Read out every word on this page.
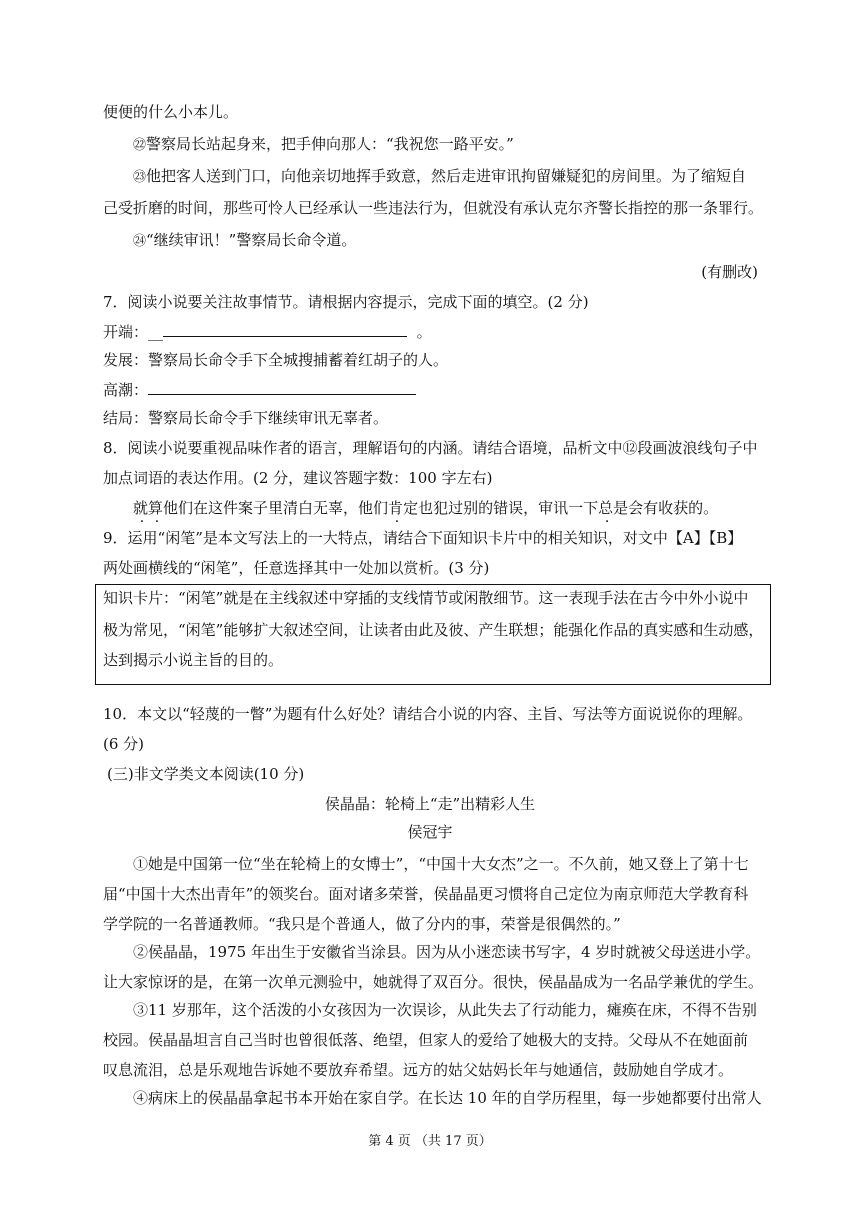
便便的什么小本儿。
㉒警察局长站起身来，把手伸向那人：“我祝您一路平安。”
㉓他把客人送到门口，向他亲切地挥手致意，然后走进审讯拘留嫌疑犯的房间里。为了缩短自
己受折磨的时间，那些可怜人已经承认一些违法行为，但就没有承认克尔齐警长指控的那一条罪行。
㉔“继续审讯！”警察局长命令道。
(有删改)
7．阅读小说要关注故事情节。请根据内容提示，完成下面的填空。(2 分)
开端：__	。
发展：警察局长命令手下全城搜捕蓄着红胡子的人。
高潮：
结局：警察局长命令手下继续审讯无辜者。
8．阅读小说要重视品味作者的语言，理解语句的内涵。请结合语境，品析文中⑫段画波浪线句子中
加点词语的表达作用。(2 分，建议答题字数：100 字左右)
就算他们在这件案子里清白无辜，他们肯定也犯过别的错误，审讯一下总是会有收获的。
9．运用“闲笔”是本文写法上的一大特点，请结合下面知识卡片中的相关知识，对文中【A】【B】
两处画横线的“闲笔”，任意选择其中一处加以赏析。(3 分)
知识卡片：“闲笔”就是在主线叙述中穿插的支线情节或闲散细节。这一表现手法在古今中外小说中
极为常见，“闲笔”能够扩大叙述空间，让读者由此及彼、产生联想；能强化作品的真实感和生动感，
达到揭示小说主旨的目的。
10．本文以“轻蔑的一瞥”为题有什么好处？请结合小说的内容、主旨、写法等方面说说你的理解。
(6 分)
(三)非文学类文本阅读(10 分)
侯晶晶：轮椅上“走”出精彩人生
侯冠宇
①她是中国第一位“坐在轮椅上的女博士”，“中国十大女杰”之一。不久前，她又登上了第十七
届“中国十大杰出青年”的领奖台。面对诸多荣誉，侯晶晶更习惯将自己定位为南京师范大学教育科
学学院的一名普通教师。“我只是个普通人，做了分内的事，荣誉是很偶然的。”
②侯晶晶，1975 年出生于安徽省当涂县。因为从小迷恋读书写字，4 岁时就被父母送进小学。
让大家惊讶的是，在第一次单元测验中，她就得了双百分。很快，侯晶晶成为一名品学兼优的学生。
③11 岁那年，这个活泼的小女孩因为一次误诊，从此失去了行动能力，瘫痪在床，不得不告别
校园。侯晶晶坦言自己当时也曾很低落、绝望，但家人的爱给了她极大的支持。父母从不在她面前
叹息流泪，总是乐观地告诉她不要放弃希望。远方的姑父姑妈长年与她通信，鼓励她自学成才。
④病床上的侯晶晶拿起书本开始在家自学。在长达 10 年的自学历程里，每一步她都要付出常人
第 4 页 （共 17 页）
